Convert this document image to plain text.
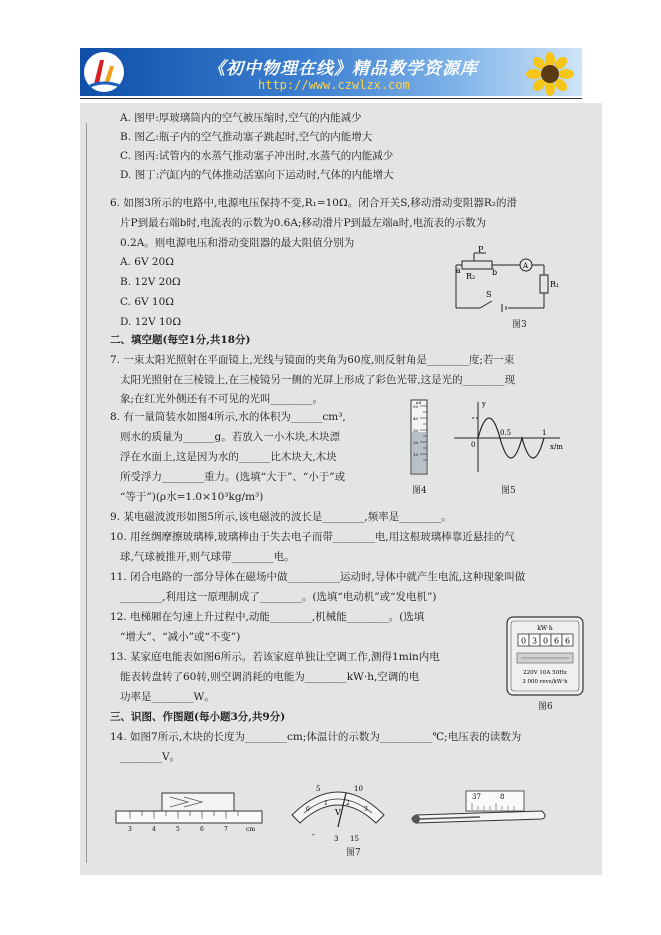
《初中物理在线》精品教学资源库
http://www.czwlzx.com
A. 图甲:厚玻璃筒内的空气被压缩时,空气的内能减少
B. 图乙:瓶子内的空气推动塞子跳起时,空气的内能增大
C. 图丙:试管内的水蒸气推动塞子冲出时,水蒸气的内能减少
D. 图丁:汽缸内的气体推动活塞向下运动时,气体的内能增大
6. 如图3所示的电路中,电源电压保持不变,R₁=10Ω。闭合开关S,移动滑动变阻器R₂的滑
片P到最右端b时,电流表的示数为0.6A;移动滑片P到最左端a时,电流表的示数为
0.2A。则电源电压和滑动变阻器的最大阻值分别为
A. 6V 20Ω
B. 12V 20Ω
C. 6V 10Ω
D. 12V 10Ω
P
a
R₂ b
A
R₁
S
图3
二、填空题(每空1分,共18分)
7. 一束太阳光照射在平面镜上,光线与镜面的夹角为60度,则反射角是________度;若一束
太阳光照射在三棱镜上,在三棱镜另一侧的光屏上形成了彩色光带,这是光的________现
象;在红光外侧还有不可见的光叫________。
8. 有一量筒装水如图4所示,水的体积为______cm³,
则水的质量为______g。若放入一小木块,木块漂
浮在水面上,这是因为水的______比木块大,木块
所受浮力________重力。(选填“大于”、“小于”或
“等于”)(ρ水=1.0×10³kg/m³)
ml
50
40
30
20
10
图4
y
x/m
0
0.5	1
图5
9. 某电磁波波形如图5所示,该电磁波的波长是________,频率是________。
10. 用丝绸摩擦玻璃棒,玻璃棒由于失去电子而带________电,用这根玻璃棒靠近悬挂的气
球,气球被推开,则气球带________电。
11. 闭合电路的一部分导体在磁场中做__________运动时,导体中就产生电流,这种现象叫做
________,利用这一原理制成了________。(选填“电动机”或“发电机”)
12. 电梯厢在匀速上升过程中,动能________,机械能________。(选填
“增大”、“减小”或“不变”)
13. 某家庭电能表如图6所示。若该家庭单独让空调工作,测得1min内电
能表转盘转了60转,则空调消耗的电能为________kW·h,空调的电
功率是________W。
kW·h
0 3 0 6 6
220V 10A 50Hz
3 000 revs/kW·h
图6
三、识图、作图题(每小题3分,共9分)
14. 如图7所示,木块的长度为________cm;体温计的示数为__________℃;电压表的读数为
________V。
3	4	5	6	7	cm
5	10
0
1	2
3
V
-	3 15
37	8
图7
